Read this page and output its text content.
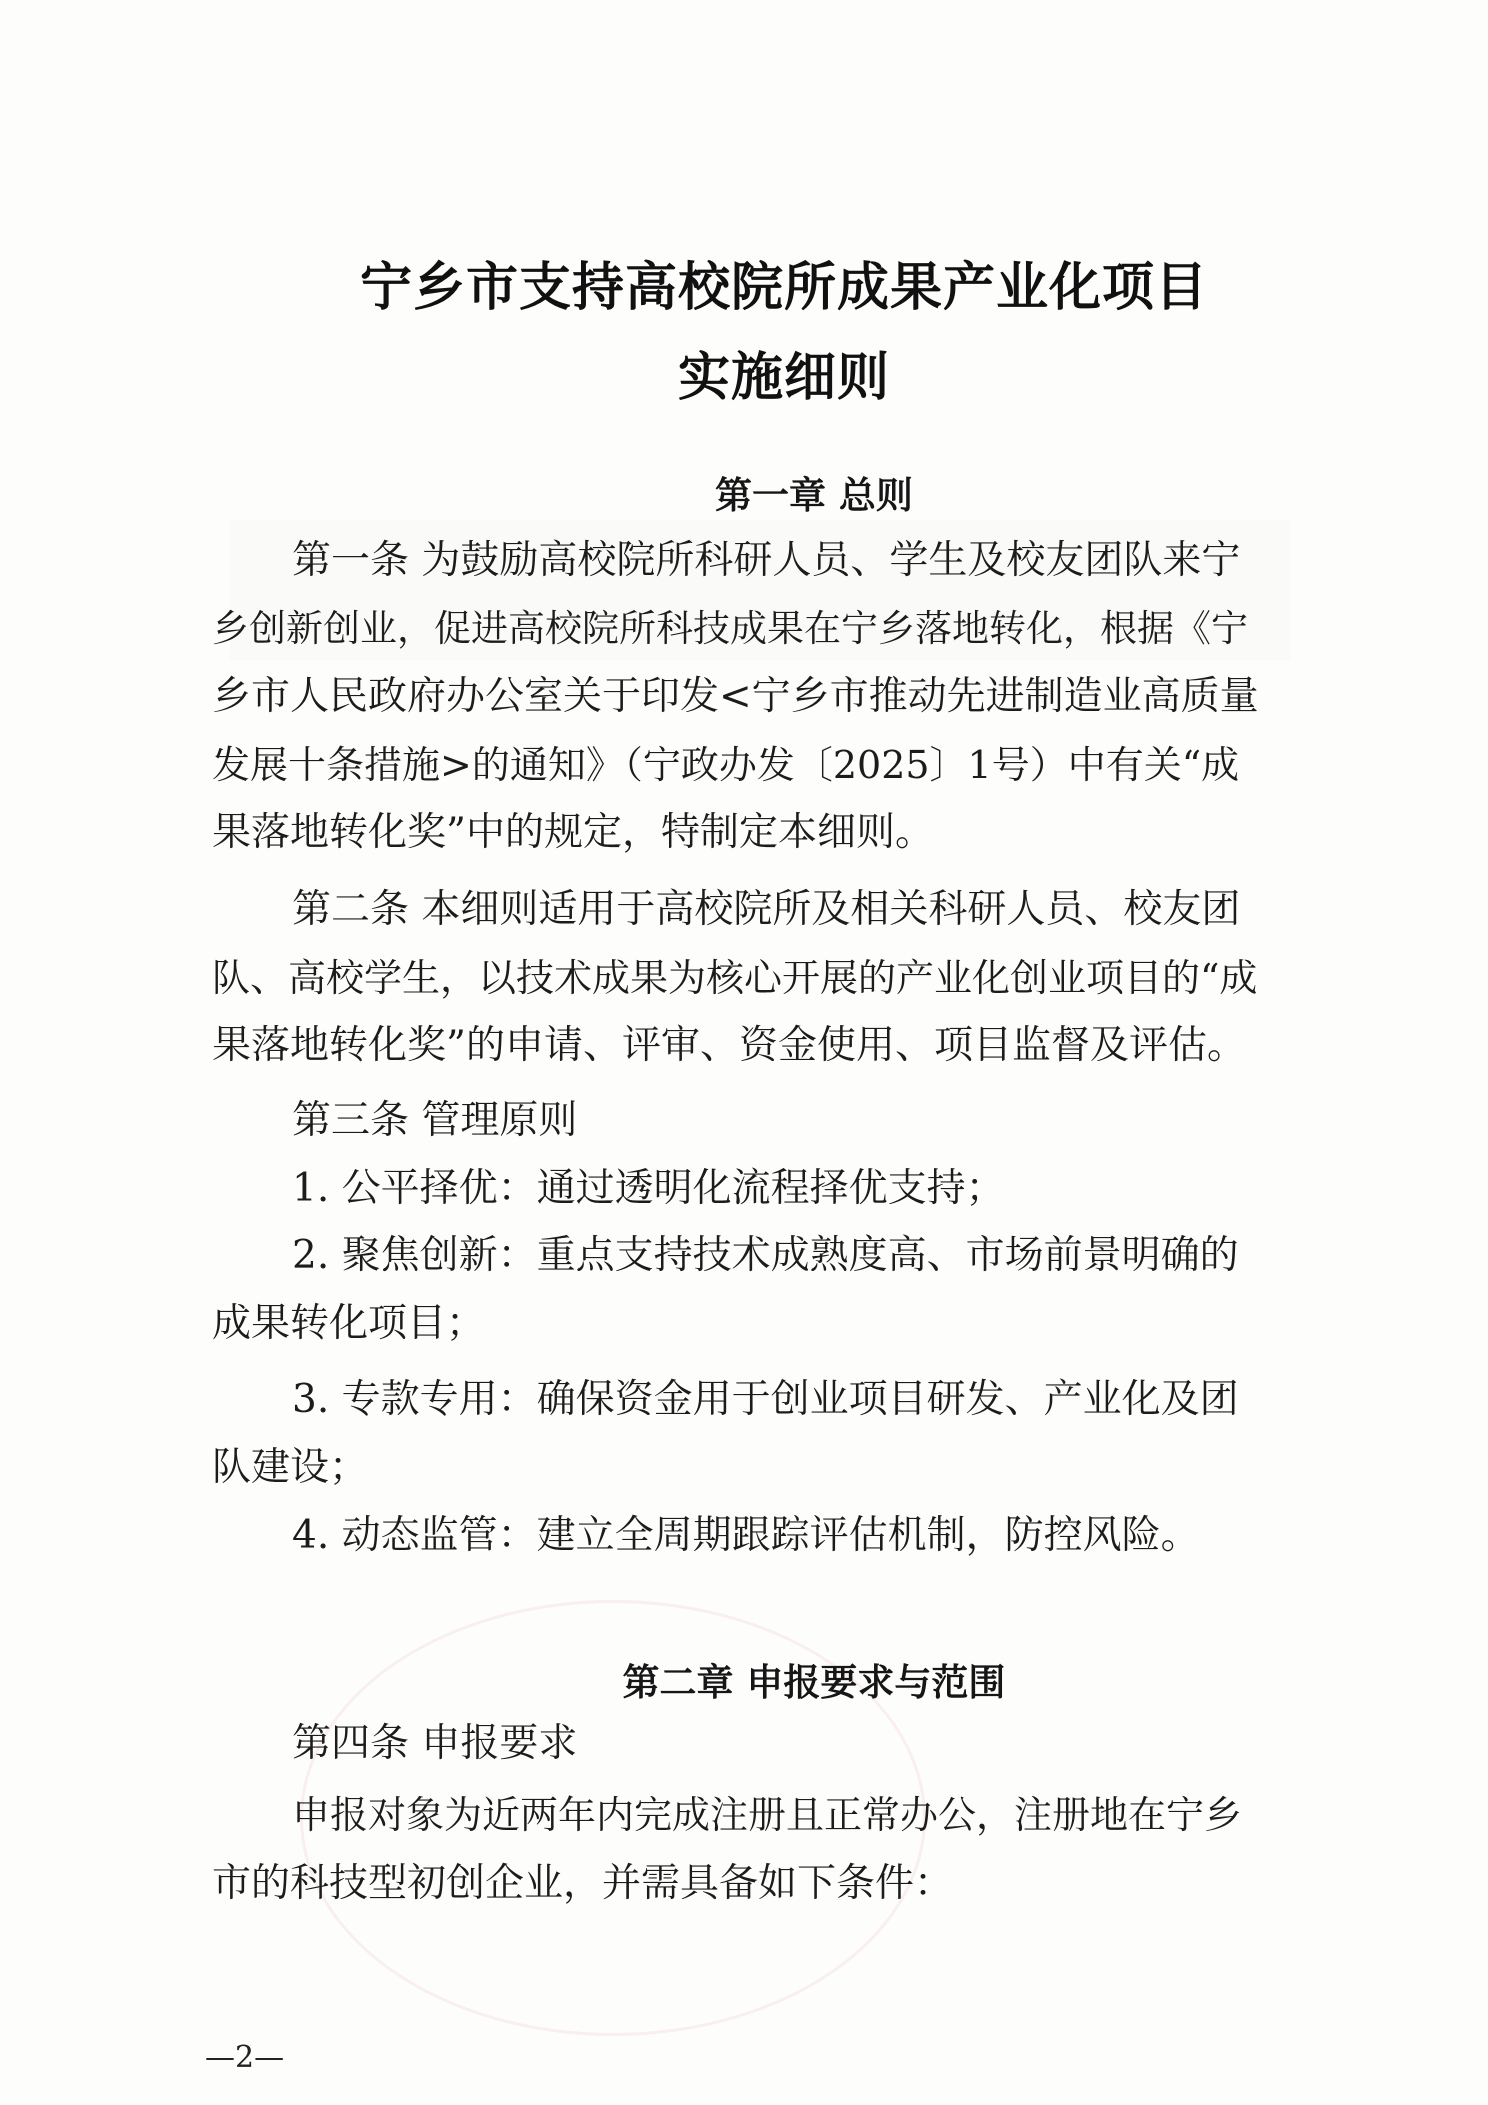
宁乡市支持高校院所成果产业化项目
实施细则
第一章 总则
第一条 为鼓励高校院所科研人员、学生及校友团队来宁
乡创新创业，促进高校院所科技成果在宁乡落地转化，根据《宁
乡市人民政府办公室关于印发<宁乡市推动先进制造业高质量
发展十条措施>的通知》（宁政办发〔2025〕1号）中有关“成
果落地转化奖”中的规定，特制定本细则。
第二条 本细则适用于高校院所及相关科研人员、校友团
队、高校学生，以技术成果为核心开展的产业化创业项目的“成
果落地转化奖”的申请、评审、资金使用、项目监督及评估。
第三条 管理原则
1. 公平择优：通过透明化流程择优支持；
2. 聚焦创新：重点支持技术成熟度高、市场前景明确的
成果转化项目；
3. 专款专用：确保资金用于创业项目研发、产业化及团
队建设；
4. 动态监管：建立全周期跟踪评估机制，防控风险。
第二章 申报要求与范围
第四条 申报要求
申报对象为近两年内完成注册且正常办公，注册地在宁乡
市的科技型初创企业，并需具备如下条件：
—2—
